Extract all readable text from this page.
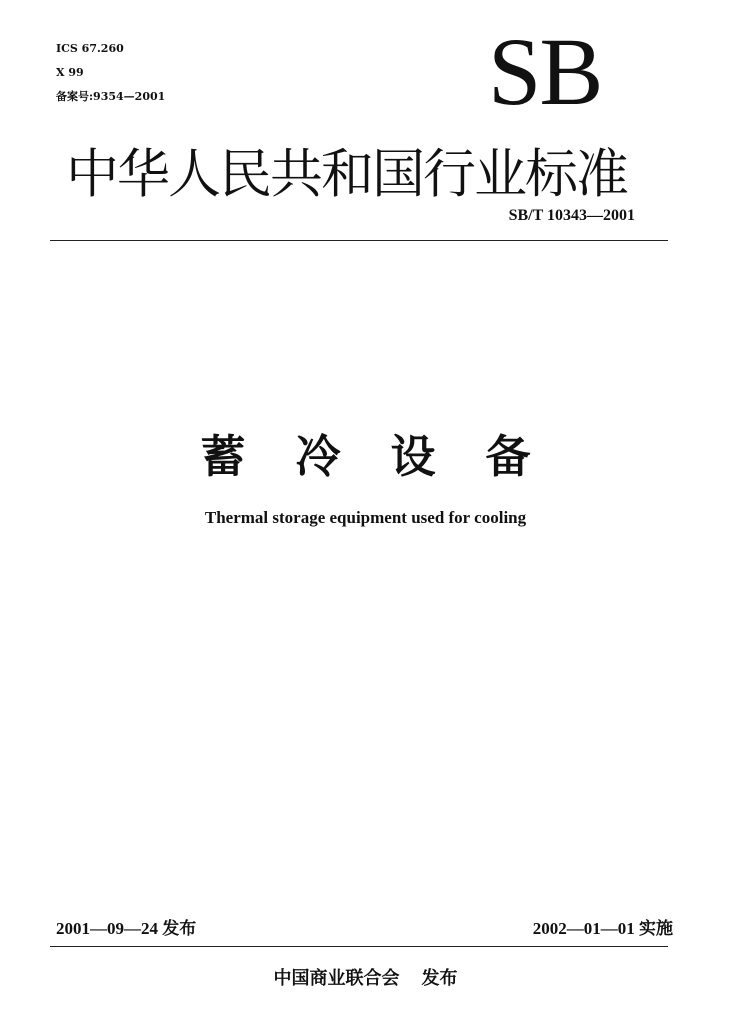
ICS 67.260
X 99
备案号:9354—2001	SB
中华人民共和国行业标准
SB/T 10343—2001
蓄冷设备
Thermal storage equipment used for cooling
2001—09—24 发布	2002—01—01 实施
中国商业联合会 发布
